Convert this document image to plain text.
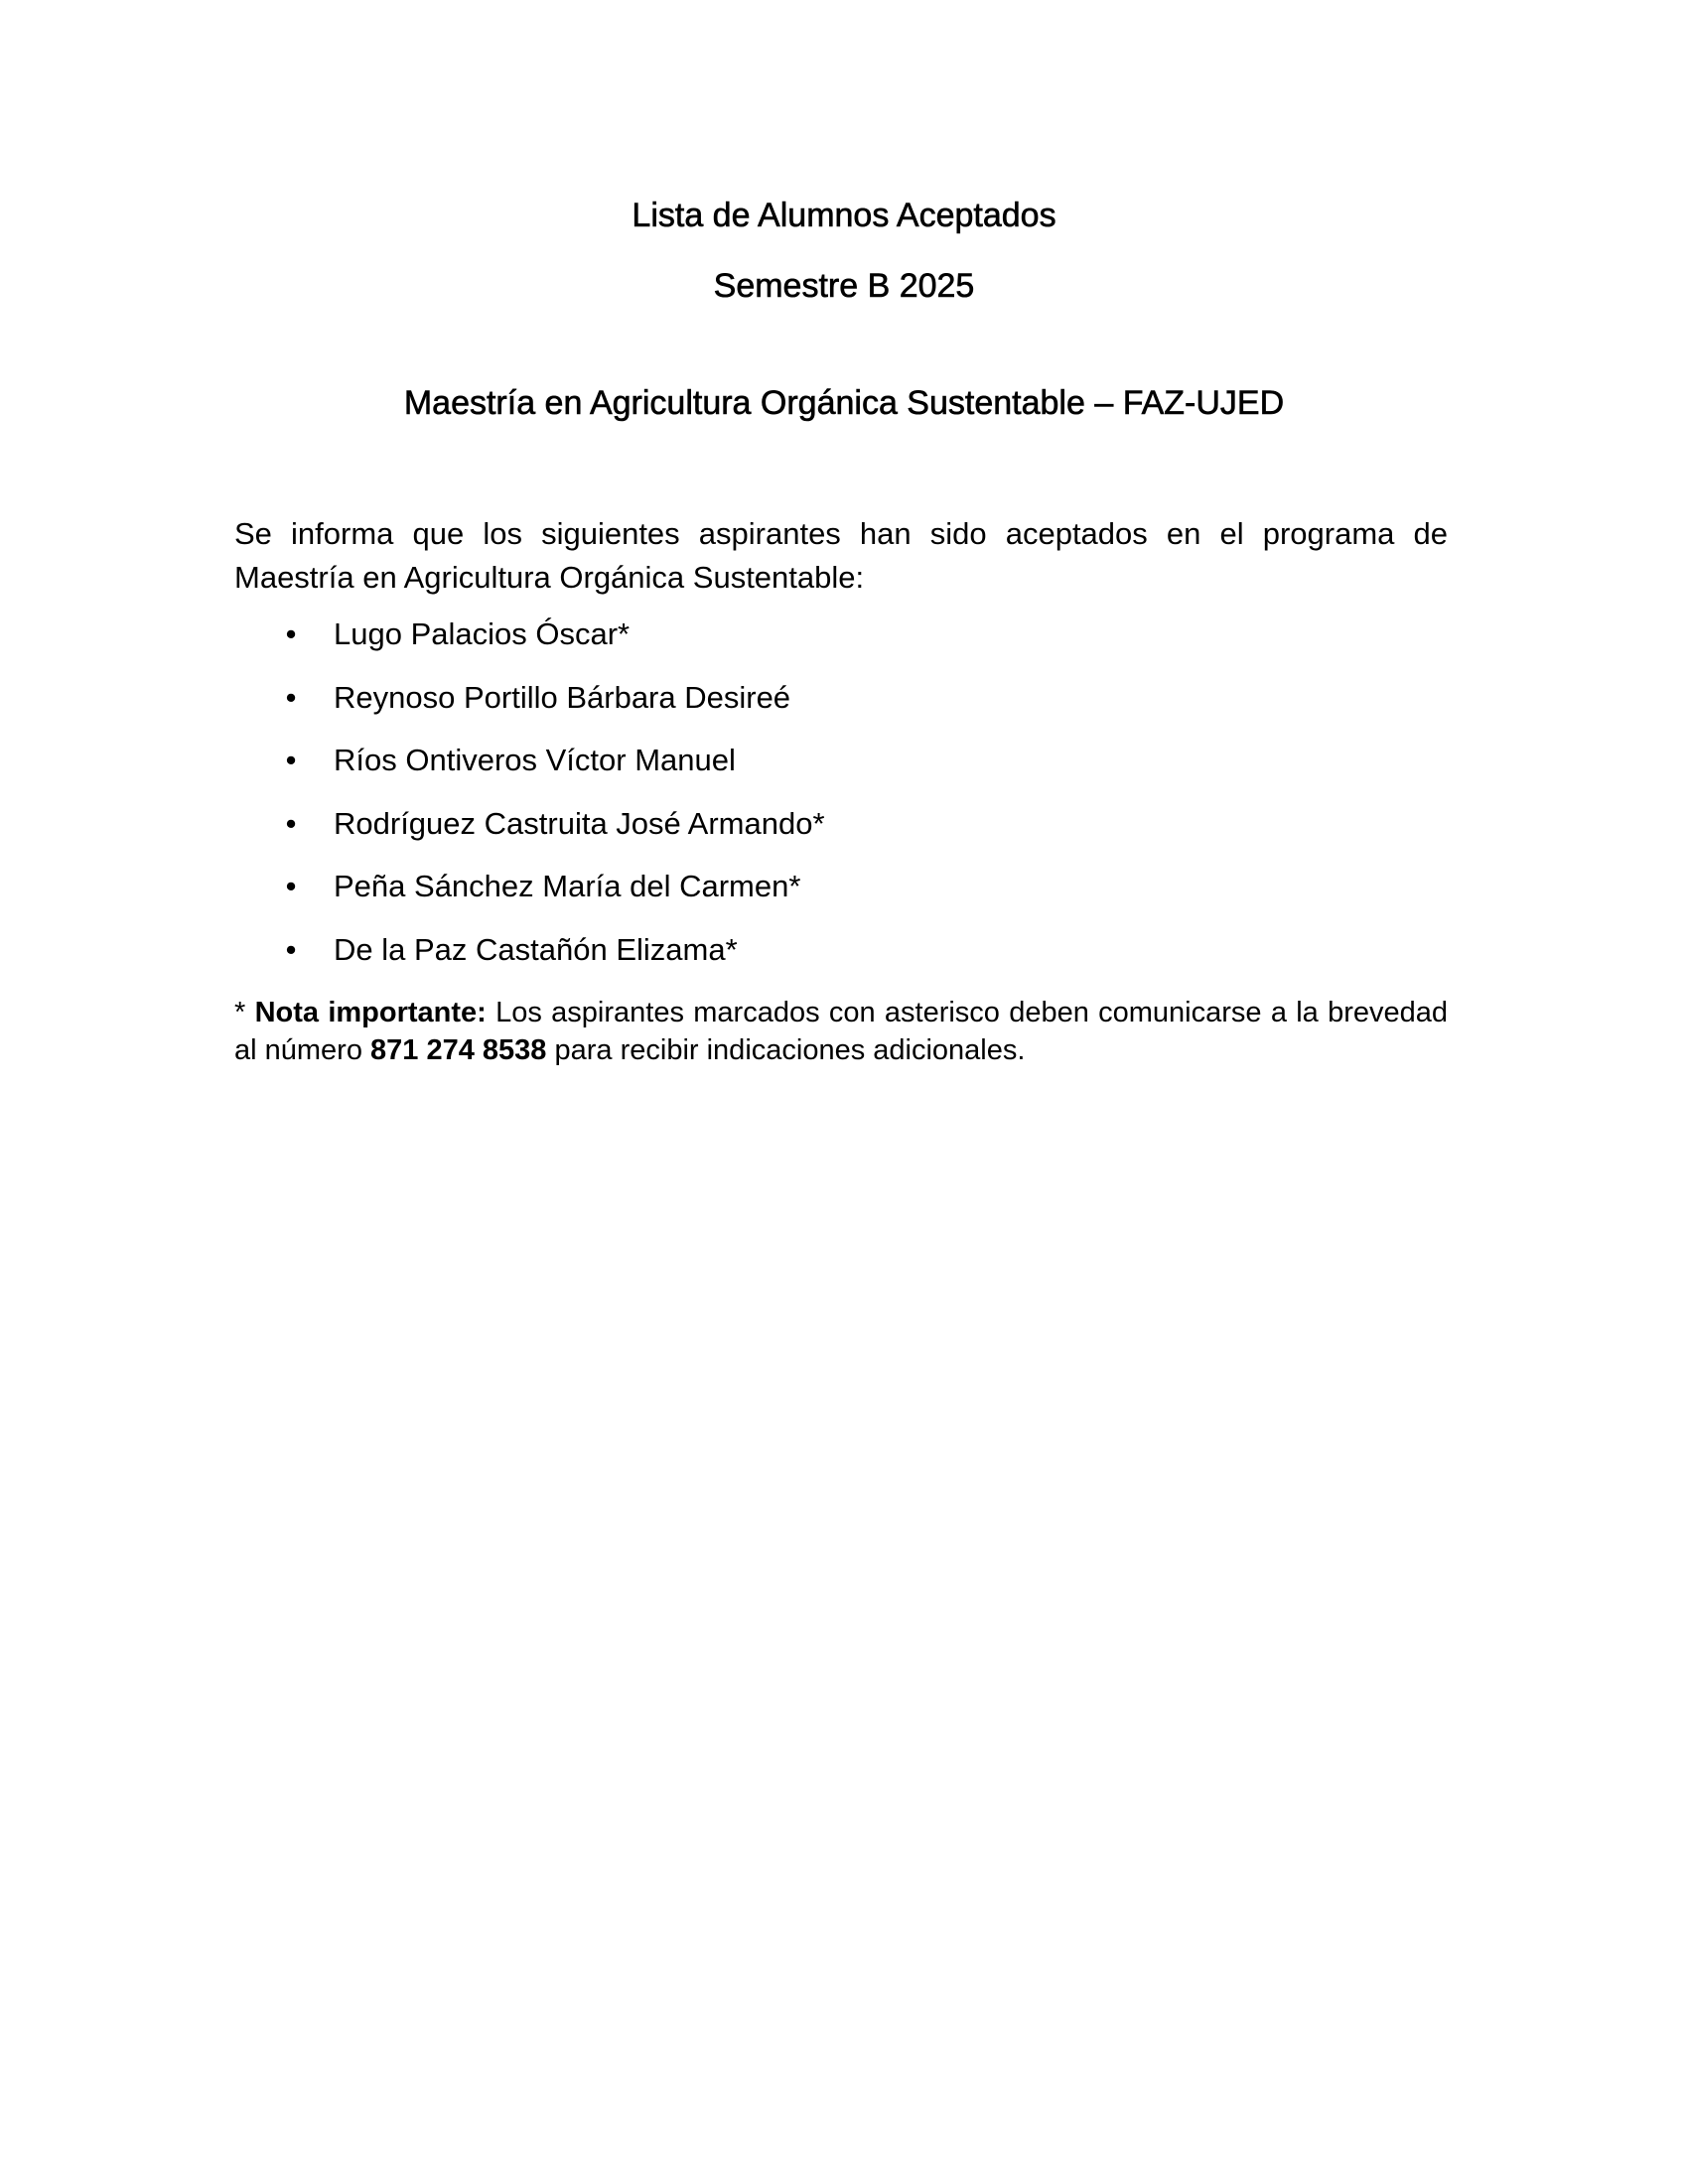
Lista de Alumnos Aceptados
Semestre B 2025
Maestría en Agricultura Orgánica Sustentable – FAZ-UJED

Se informa que los siguientes aspirantes han sido aceptados en el programa de Maestría en Agricultura Orgánica Sustentable:

• Lugo Palacios Óscar*
• Reynoso Portillo Bárbara Desireé
• Ríos Ontiveros Víctor Manuel
• Rodríguez Castruita José Armando*
• Peña Sánchez María del Carmen*
• De la Paz Castañón Elizama*

* Nota importante: Los aspirantes marcados con asterisco deben comunicarse a la brevedad al número 871 274 8538 para recibir indicaciones adicionales.
